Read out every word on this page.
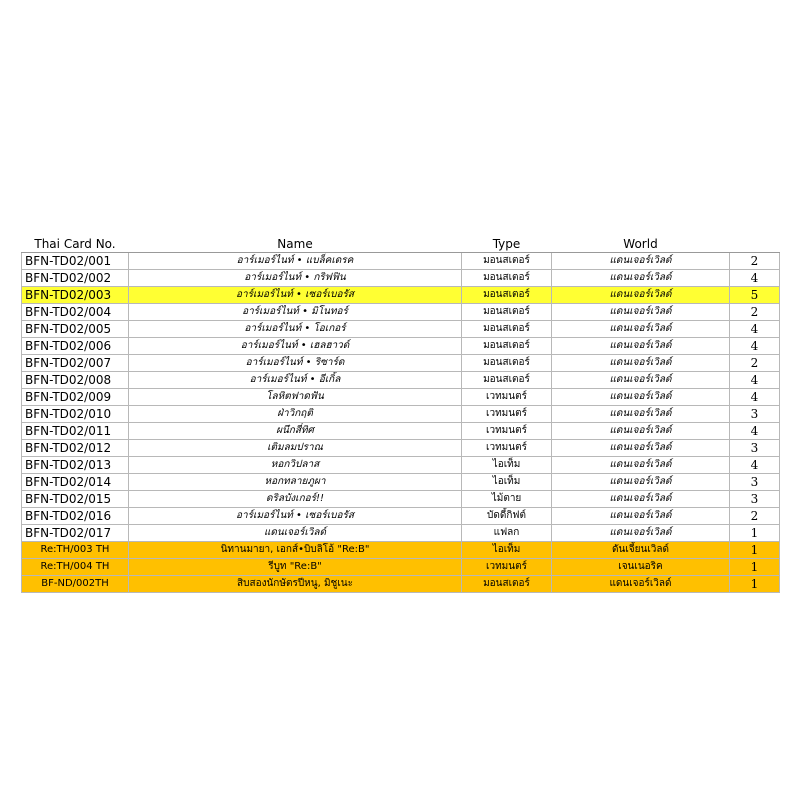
Thai Card No.	Name	Type	World	
BFN-TD02/001	อาร์เมอร์ไนท์ • แบล็คเดรค	มอนสเตอร์	แดนเจอร์เวิลด์	2
BFN-TD02/002	อาร์เมอร์ไนท์ • กริฟฟิน	มอนสเตอร์	แดนเจอร์เวิลด์	4
BFN-TD02/003	อาร์เมอร์ไนท์ • เซอร์เบอรัส	มอนสเตอร์	แดนเจอร์เวิลด์	5
BFN-TD02/004	อาร์เมอร์ไนท์ • มิโนทอร์	มอนสเตอร์	แดนเจอร์เวิลด์	2
BFN-TD02/005	อาร์เมอร์ไนท์ • โอเกอร์	มอนสเตอร์	แดนเจอร์เวิลด์	4
BFN-TD02/006	อาร์เมอร์ไนท์ • เฮลฮาวด์	มอนสเตอร์	แดนเจอร์เวิลด์	4
BFN-TD02/007	อาร์เมอร์ไนท์ • ริซาร์ด	มอนสเตอร์	แดนเจอร์เวิลด์	2
BFN-TD02/008	อาร์เมอร์ไนท์ • อีเกิ้ล	มอนสเตอร์	แดนเจอร์เวิลด์	4
BFN-TD02/009	โลหิตฟาดฟัน	เวทมนตร์	แดนเจอร์เวิลด์	4
BFN-TD02/010	ฝ่าวิกฤติ	เวทมนตร์	แดนเจอร์เวิลด์	3
BFN-TD02/011	ผนึกสี่ทิศ	เวทมนตร์	แดนเจอร์เวิลด์	4
BFN-TD02/012	เติมลมปราณ	เวทมนตร์	แดนเจอร์เวิลด์	3
BFN-TD02/013	หอกวิปลาส	ไอเท็ม	แดนเจอร์เวิลด์	4
BFN-TD02/014	หอกทลายภูผา	ไอเท็ม	แดนเจอร์เวิลด์	3
BFN-TD02/015	ดริลบังเกอร์!!	ไม้ตาย	แดนเจอร์เวิลด์	3
BFN-TD02/016	อาร์เมอร์ไนท์ • เซอร์เบอรัส	บัดดี้กิฟต์	แดนเจอร์เวิลด์	2
BFN-TD02/017	แดนเจอร์เวิลด์	แฟลก	แดนเจอร์เวิลด์	1
Re:TH/003 TH	นิทานมายา, เอกส์•บิบลิโอ้ "Re:B"	ไอเท็ม	ดันเจี้ยนเวิลด์	1
Re:TH/004 TH	รีบูท "Re:B"	เวทมนตร์	เจนเนอริค	1
BF-ND/002TH	สิบสองนักษัตรปีหนู, มิชูเนะ	มอนสเตอร์	แดนเจอร์เวิลด์	1
